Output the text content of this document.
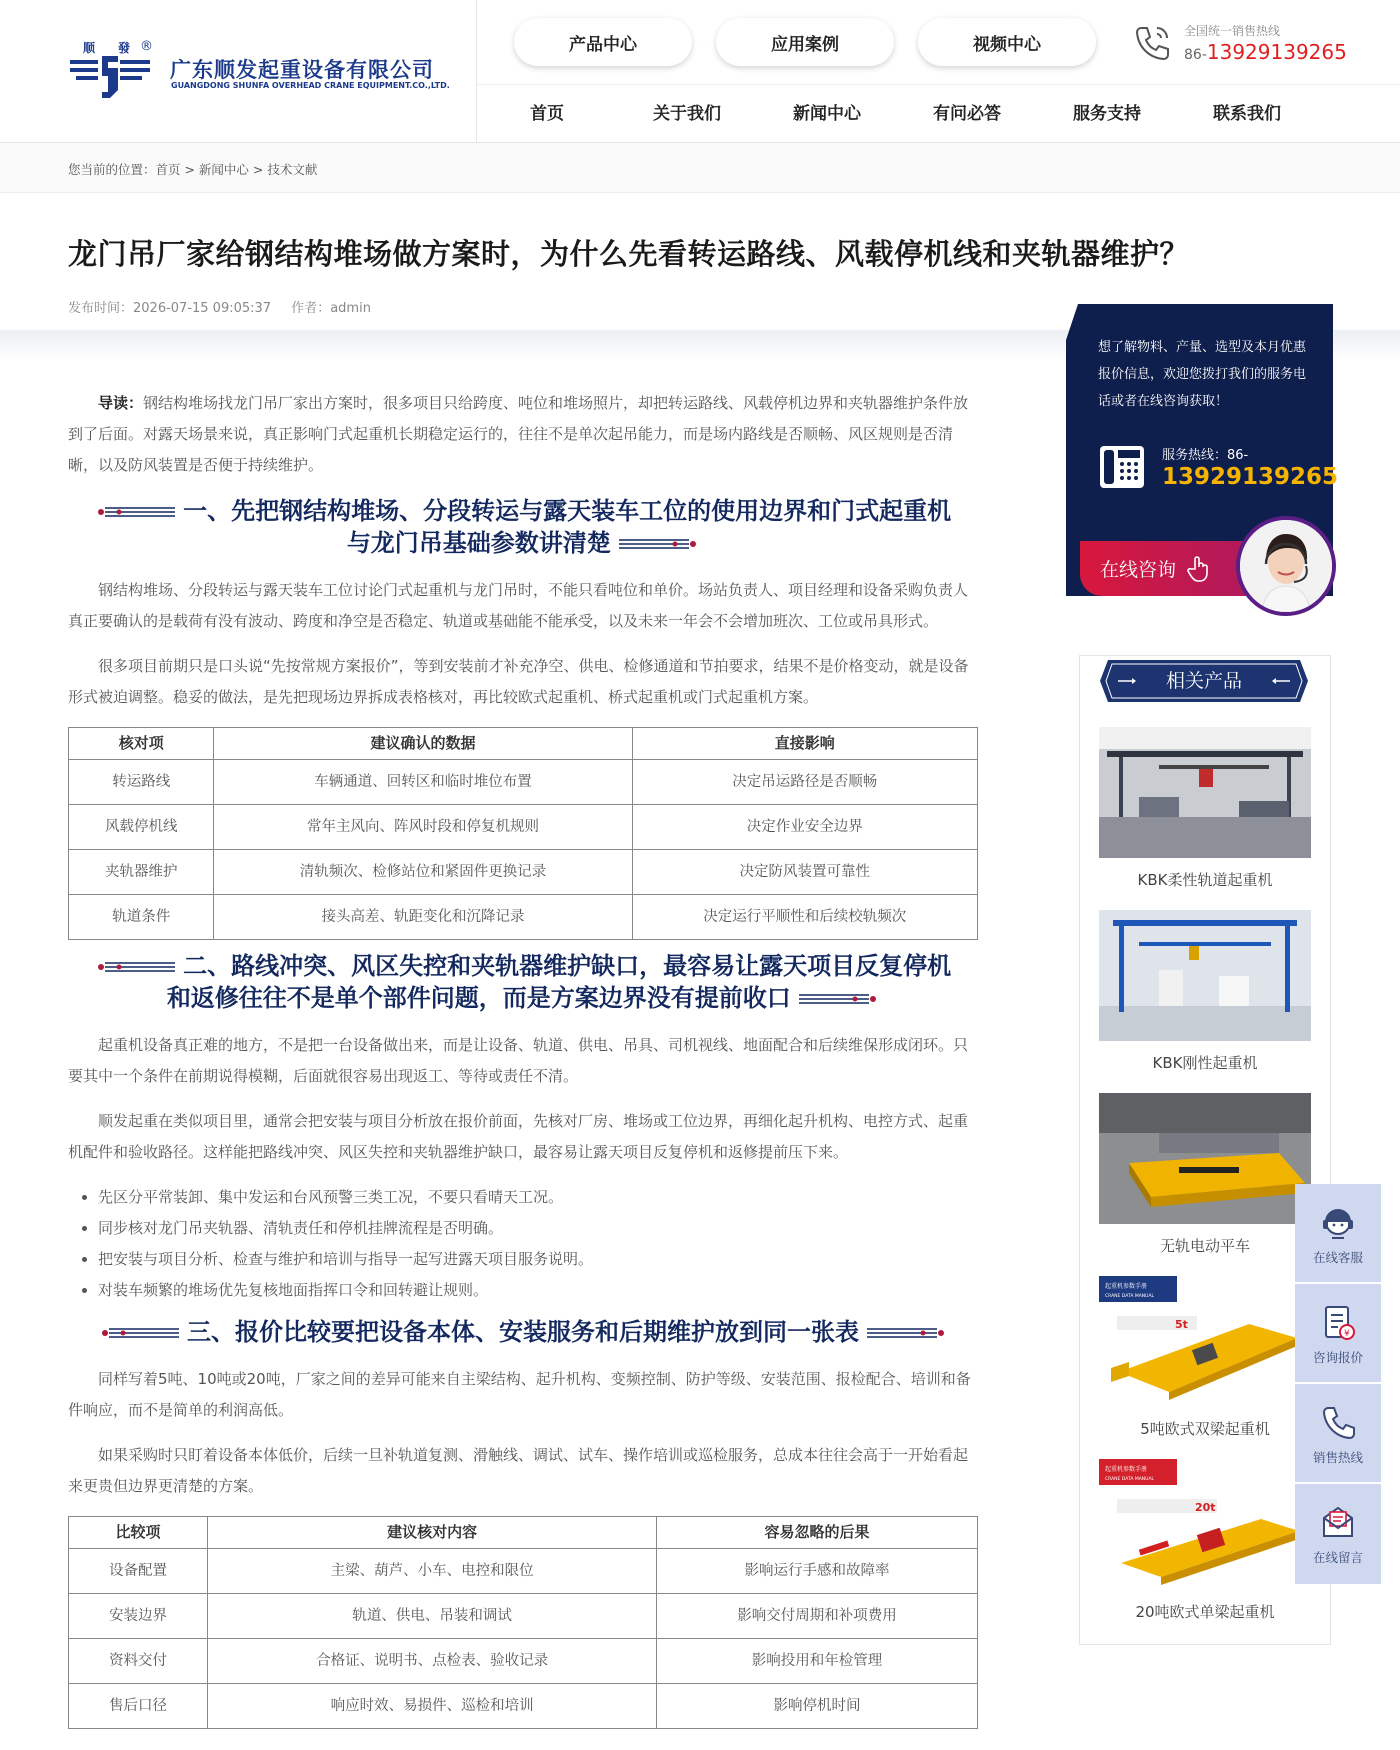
顺 發 ®
广东顺发起重设备有限公司
GUANGDONG SHUNFA OVERHEAD CRANE EQUIPMENT.CO.,LTD.
产品中心	应用案例	视频中心
全国统一销售热线
86-13929139265
首页	关于我们	新闻中心	有问必答	服务支持	联系我们
您当前的位置：首页 > 新闻中心 > 技术文献
龙门吊厂家给钢结构堆场做方案时，为什么先看转运路线、风载停机线和夹轨器维护？
发布时间：2026-07-15 09:05:37 作者：admin

导读：钢结构堆场找龙门吊厂家出方案时，很多项目只给跨度、吨位和堆场照片，却把转运路线、风载停机边界和夹轨器维护条件放到了后面。对露天场景来说，真正影响门式起重机长期稳定运行的，往往不是单次起吊能力，而是场内路线是否顺畅、风区规则是否清晰，以及防风装置是否便于持续维护。

一、先把钢结构堆场、分段转运与露天装车工位的使用边界和门式起重机
与龙门吊基础参数讲清楚

钢结构堆场、分段转运与露天装车工位讨论门式起重机与龙门吊时，不能只看吨位和单价。场站负责人、项目经理和设备采购负责人真正要确认的是载荷有没有波动、跨度和净空是否稳定、轨道或基础能不能承受，以及未来一年会不会增加班次、工位或吊具形式。

很多项目前期只是口头说“先按常规方案报价”，等到安装前才补充净空、供电、检修通道和节拍要求，结果不是价格变动，就是设备形式被迫调整。稳妥的做法，是先把现场边界拆成表格核对，再比较欧式起重机、桥式起重机或门式起重机方案。

核对项	建议确认的数据	直接影响
转运路线	车辆通道、回转区和临时堆位布置	决定吊运路径是否顺畅
风载停机线	常年主风向、阵风时段和停复机规则	决定作业安全边界
夹轨器维护	清轨频次、检修站位和紧固件更换记录	决定防风装置可靠性
轨道条件	接头高差、轨距变化和沉降记录	决定运行平顺性和后续校轨频次
二、路线冲突、风区失控和夹轨器维护缺口，最容易让露天项目反复停机
和返修往往不是单个部件问题，而是方案边界没有提前收口

起重机设备真正难的地方，不是把一台设备做出来，而是让设备、轨道、供电、吊具、司机视线、地面配合和后续维保形成闭环。只要其中一个条件在前期说得模糊，后面就很容易出现返工、等待或责任不清。

顺发起重在类似项目里，通常会把安装与项目分析放在报价前面，先核对厂房、堆场或工位边界，再细化起升机构、电控方式、起重机配件和验收路径。这样能把路线冲突、风区失控和夹轨器维护缺口，最容易让露天项目反复停机和返修提前压下来。

• 先区分平常装卸、集中发运和台风预警三类工况，不要只看晴天工况。
• 同步核对龙门吊夹轨器、清轨责任和停机挂牌流程是否明确。
• 把安装与项目分析、检查与维护和培训与指导一起写进露天项目服务说明。
• 对装车频繁的堆场优先复核地面指挥口令和回转避让规则。
三、报价比较要把设备本体、安装服务和后期维护放到同一张表

同样写着5吨、10吨或20吨，厂家之间的差异可能来自主梁结构、起升机构、变频控制、防护等级、安装范围、报检配合、培训和备件响应，而不是简单的利润高低。

如果采购时只盯着设备本体低价，后续一旦补轨道复测、滑触线、调试、试车、操作培训或巡检服务，总成本往往会高于一开始看起来更贵但边界更清楚的方案。

比较项	建议核对内容	容易忽略的后果
设备配置	主梁、葫芦、小车、电控和限位	影响运行手感和故障率
安装边界	轨道、供电、吊装和调试	影响交付周期和补项费用
资料交付	合格证、说明书、点检表、验收记录	影响投用和年检管理
售后口径	响应时效、易损件、巡检和培训	影响停机时间
想了解物料、产量、选型及本月优惠报价信息，欢迎您拨打我们的服务电话或者在线咨询获取！
服务热线：86-
13929139265
在线咨询
相关产品
KBK柔性轨道起重机
KBK刚性起重机
无轨电动平车
起重机参数手册
CRANE DATA MANUAL
5t
5吨欧式双梁起重机
起重机参数手册
CRANE DATA MANUAL
20t
20吨欧式单梁起重机
在线客服
¥
咨询报价
销售热线
在线留言
